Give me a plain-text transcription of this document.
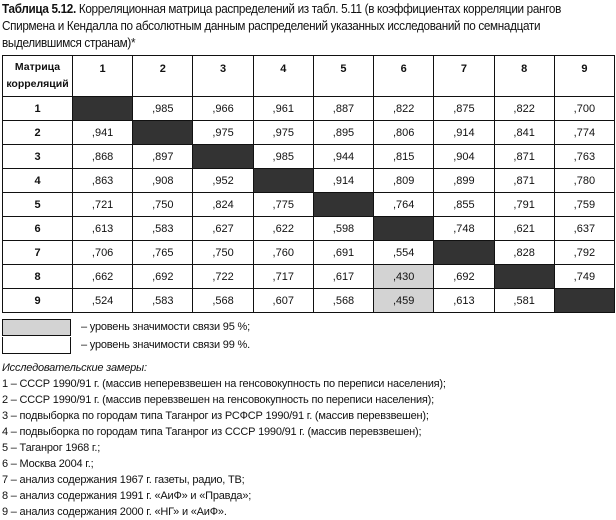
Таблица 5.12. Корреляционная матрица распределений из табл. 5.11 (в коэффициентах корреляции рангов Спирмена и Кендалла по абсолютным данным распределений указанных исследований по семнадцати выделившимся странам)*
Матрица
корреляций	1	2	3	4	5	6	7	8	9
1		,985	,966	,961	,887	,822	,875	,822	,700
2	,941		,975	,975	,895	,806	,914	,841	,774
3	,868	,897		,985	,944	,815	,904	,871	,763
4	,863	,908	,952		,914	,809	,899	,871	,780
5	,721	,750	,824	,775		,764	,855	,791	,759
6	,613	,583	,627	,622	,598		,748	,621	,637
7	,706	,765	,750	,760	,691	,554		,828	,792
8	,662	,692	,722	,717	,617	,430	,692		,749
9	,524	,583	,568	,607	,568	,459	,613	,581	
– уровень значимости связи 95 %;
– уровень значимости связи 99 %.
Исследовательские замеры:
1 – СССР 1990/91 г. (массив неперевзвешен на генсовокупность по переписи населения);
2 – СССР 1990/91 г. (массив перевзвешен на генсовокупность по переписи населения);
3 – подвыборка по городам типа Таганрог из РСФСР 1990/91 г. (массив перевзвешен);
4 – подвыборка по городам типа Таганрог из СССР 1990/91 г. (массив перевзвешен);
5 – Таганрог 1968 г.;
6 – Москва 2004 г.;
7 – анализ содержания 1967 г. газеты, радио, ТВ;
8 – анализ содержания 1991 г. «АиФ» и «Правда»;
9 – анализ содержания 2000 г. «НГ» и «АиФ».
